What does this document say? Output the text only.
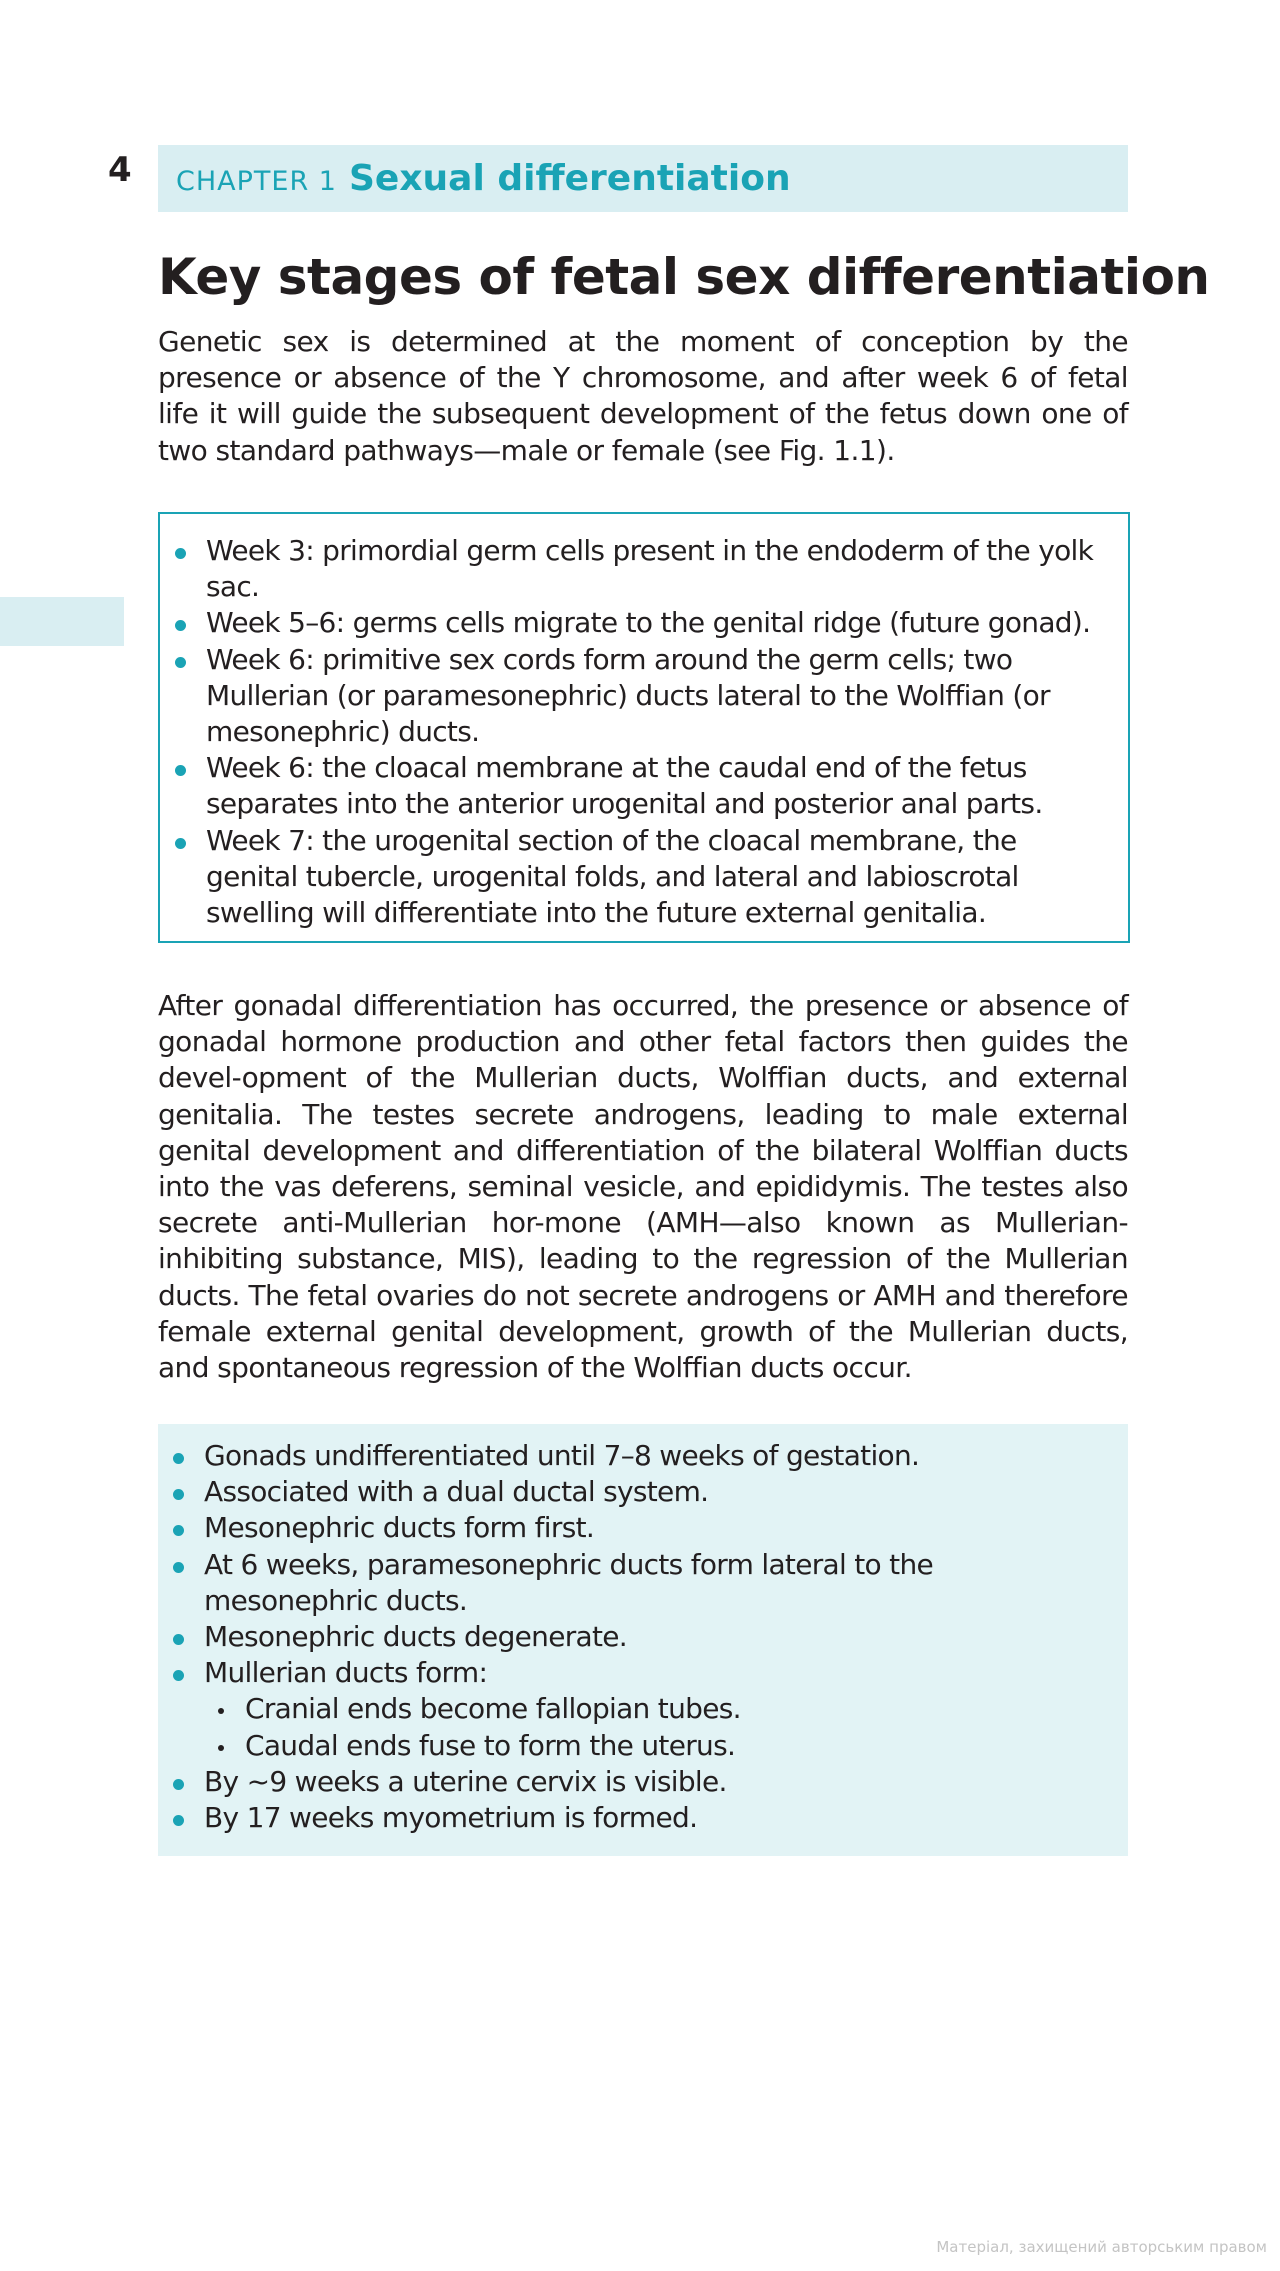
4 CHAPTER 1 Sexual differentiation
Key stages of fetal sex differentiation

Genetic sex is determined at the moment of conception by the presence or absence of the Y chromosome, and after week 6 of fetal life it will guide the subsequent development of the fetus down one of two standard pathways—male or female (see Fig. 1.1).

Week 3: primordial germ cells present in the endoderm of the yolk sac.
Week 5–6: germs cells migrate to the genital ridge (future gonad).
Week 6: primitive sex cords form around the germ cells; two Mullerian (or paramesonephric) ducts lateral to the Wolffian (or mesonephric) ducts.
Week 6: the cloacal membrane at the caudal end of the fetus separates into the anterior urogenital and posterior anal parts.
Week 7: the urogenital section of the cloacal membrane, the genital tubercle, urogenital folds, and lateral and labioscrotal swelling will differentiate into the future external genitalia.

After gonadal differentiation has occurred, the presence or absence of gonadal hormone production and other fetal factors then guides the devel-opment of the Mullerian ducts, Wolffian ducts, and external genitalia. The testes secrete androgens, leading to male external genital development and differentiation of the bilateral Wolffian ducts into the vas deferens, seminal vesicle, and epididymis. The testes also secrete anti-Mullerian hor-mone (AMH—also known as Mullerian-inhibiting substance, MIS), leading to the regression of the Mullerian ducts. The fetal ovaries do not secrete androgens or AMH and therefore female external genital development, growth of the Mullerian ducts, and spontaneous regression of the Wolffian ducts occur.

Gonads undifferentiated until 7–8 weeks of gestation.
Associated with a dual ductal system.
Mesonephric ducts form first.
At 6 weeks, paramesonephric ducts form lateral to the mesonephric ducts.
Mesonephric ducts degenerate.
Mullerian ducts form:
Cranial ends become fallopian tubes.
Caudal ends fuse to form the uterus.
By ~9 weeks a uterine cervix is visible.
By 17 weeks myometrium is formed.
Матеріал, захищений авторським правом
